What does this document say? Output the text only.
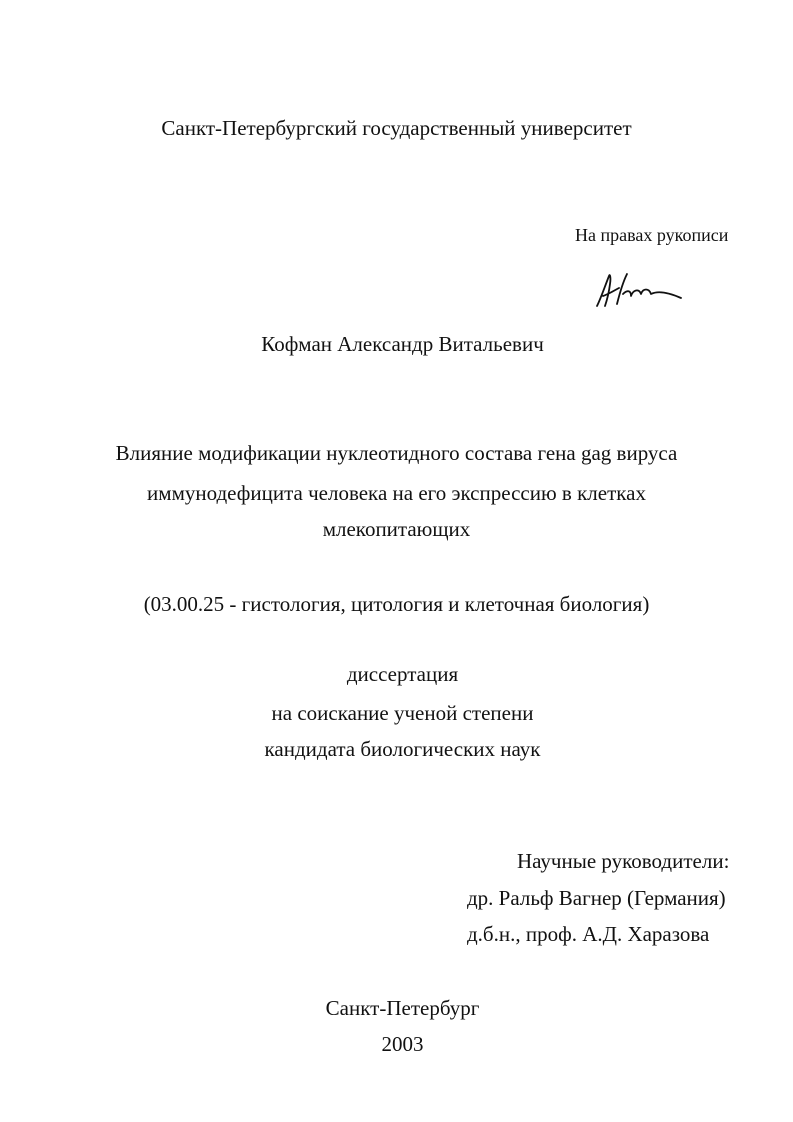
Санкт-Петербургский государственный университет
На правах рукописи
Кофман Александр Витальевич
Влияние модификации нуклеотидного состава гена gag вируса
иммунодефицита человека на его экспрессию в клетках
млекопитающих
(03.00.25 - гистология, цитология и клеточная биология)
диссертация
на соискание ученой степени
кандидата биологических наук
Научные руководители:
др. Ральф Вагнер (Германия)
д.б.н., проф. А.Д. Харазова
Санкт-Петербург
2003
